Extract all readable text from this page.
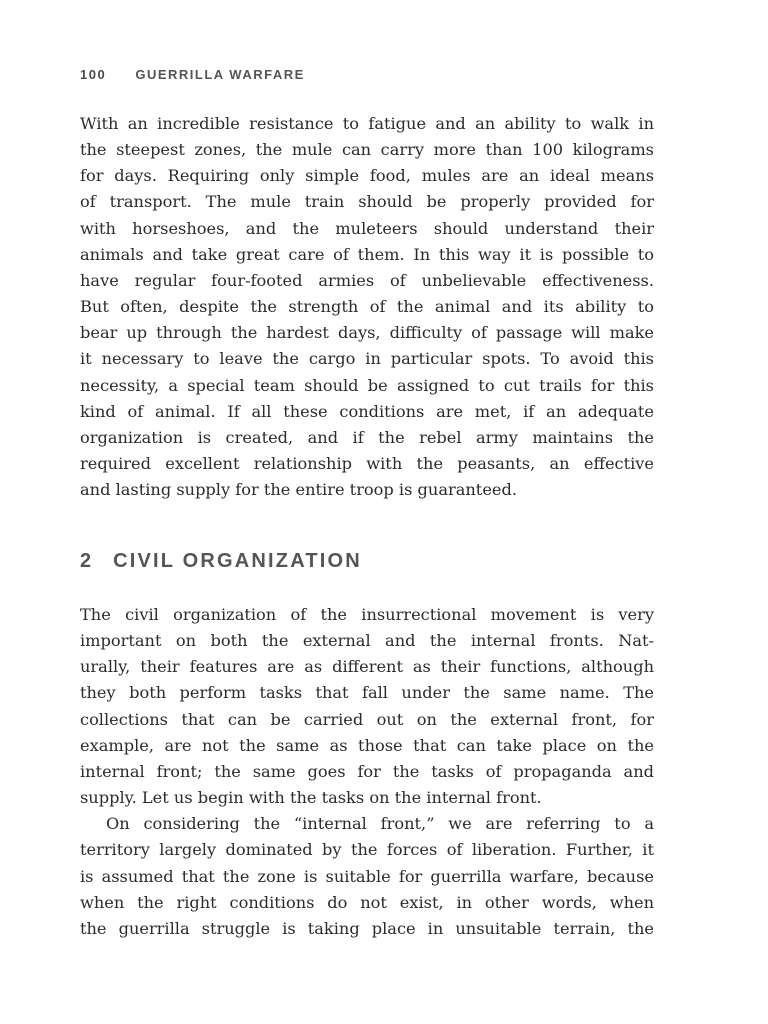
100 GUERRILLA WARFARE
With an incredible resistance to fatigue and an ability to walk in
the steepest zones, the mule can carry more than 100 kilograms
for days. Requiring only simple food, mules are an ideal means
of transport. The mule train should be properly provided for
with horseshoes, and the muleteers should understand their
animals and take great care of them. In this way it is possible to
have regular four-footed armies of unbelievable effectiveness.
But often, despite the strength of the animal and its ability to
bear up through the hardest days, difficulty of passage will make
it necessary to leave the cargo in particular spots. To avoid this
necessity, a special team should be assigned to cut trails for this
kind of animal. If all these conditions are met, if an adequate
organization is created, and if the rebel army maintains the
required excellent relationship with the peasants, an effective
and lasting supply for the entire troop is guaranteed.
2 CIVIL ORGANIZATION
The civil organization of the insurrectional movement is very
important on both the external and the internal fronts. Nat-
urally, their features are as different as their functions, although
they both perform tasks that fall under the same name. The
collections that can be carried out on the external front, for
example, are not the same as those that can take place on the
internal front; the same goes for the tasks of propaganda and
supply. Let us begin with the tasks on the internal front.
On considering the “internal front,” we are referring to a
territory largely dominated by the forces of liberation. Further, it
is assumed that the zone is suitable for guerrilla warfare, because
when the right conditions do not exist, in other words, when
the guerrilla struggle is taking place in unsuitable terrain, the
